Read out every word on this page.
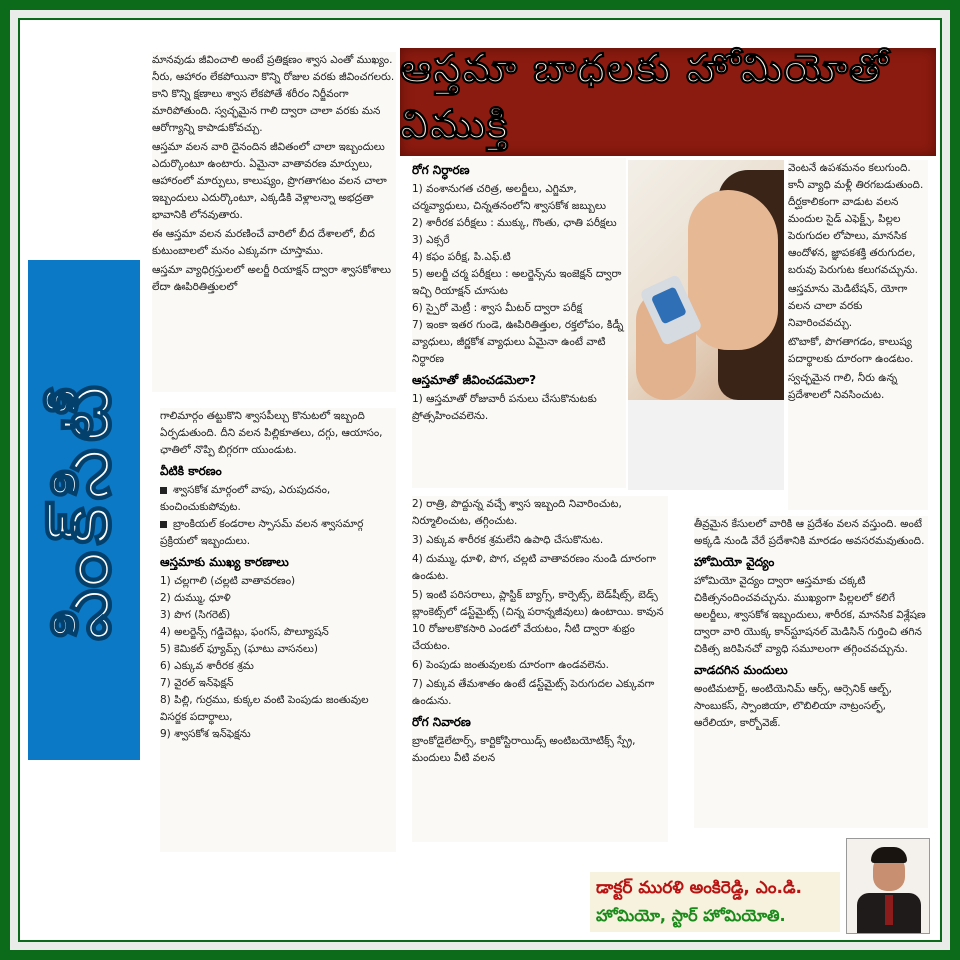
పింక్‌సిటీ
ఆస్తమా బాధలకు హోమియోతో విముక్తి

మానవుడు జీవించాలి అంటే ప్రతిక్షణం శ్వాస ఎంతో ముఖ్యం. నీరు, ఆహారం లేకపోయినా కొన్ని రోజుల వరకు జీవించగలరు. కాని కొన్ని క్షణాలు శ్వాస లేకపోతే శరీరం నిర్జీవంగా మారిపోతుంది. స్వచ్ఛమైన గాలి ద్వారా చాలా వరకు మన ఆరోగ్యాన్ని కాపాడుకోవచ్చు.

ఆస్తమా వలన వారి దైనందిన జీవితంలో చాలా ఇబ్బందులు ఎదుర్కొంటూ ఉంటారు. ఏమైనా వాతావరణ మార్పులు, ఆహారంలో మార్పులు, కాలుష్యం, ప్రొగతాగటం వలన చాలా ఇబ్బందులు ఎదుర్కొంటూ, ఎక్కడికి వెళ్లాలన్నా అభద్రతా భావానికి లోనవుతారు.

ఈ ఆస్తమా వలన మరణించే వారిలో బీద దేశాలలో, బీద కుటుంబాలలో మనం ఎక్కువగా చూస్తాము.

ఆస్తమా వ్యాధిగ్రస్తులలో అలర్జీ రియాక్షన్ ద్వారా శ్వాసకోశాలు లేదా ఊపిరితిత్తులలో

గాలిమార్గం తట్టుకొని శ్వాసపీల్చు కొనుటలో ఇబ్బంది ఏర్పడుతుంది. దీని వలన పిల్లికూతలు, దగ్గు, ఆయాసం, ఛాతిలో నొప్పి బిగ్గరగా యుండుట.

వీటికి కారణం
శ్వాసకోశ మార్గంలో వాపు, ఎరుపుదనం, కుంచించుకుపోవుట.
బ్రాంకియల్ కండరాల స్పాసమ్ వలన శ్వాసమార్గ ప్రక్రియలో ఇబ్బందులు.
ఆస్తమాకు ముఖ్య కారణాలు
1) చల్లగాలి (చల్లటి వాతావరణం)
2) దుమ్ము, ధూళి
3) పొగ (సిగరెట్)
4) అలర్జెన్స్ గడ్డిచెట్లు, ఫంగస్, పొల్యూషన్
5) కెమికల్ ఫ్యూమ్స్ (ఘాటు వాసనలు)
6) ఎక్కువ శారీరక శ్రమ
7) వైరల్ ఇన్‌ఫెక్షన్
8) పిల్లి, గుర్రము, కుక్కల వంటి పెంపుడు జంతువుల విసర్జక పదార్థాలు,
9) శ్వాసకోశ ఇన్‌ఫెక్షను
రోగ నిర్ధారణ
1) వంశానుగత చరిత్ర, అలర్జీలు, ఎగ్జిమా, చర్మవ్యాధులు, చిన్నతనంలోని శ్వాసకోశ జబ్బులు
2) శారీరక పరీక్షలు : ముక్కు, గొంతు, ఛాతి పరీక్షలు
3) ఎక్సరే
4) కఫం పరీక్ష, పి.ఎఫ్.టి
5) అలర్జీ చర్మ పరీక్షలు : అలర్జెన్స్‌ను ఇంజెక్షన్ ద్వారా ఇచ్చి రియాక్షన్ చూసుట
6) స్పైరో మెట్రీ : శ్వాస మీటర్ ద్వారా పరీక్ష
7) ఇంకా ఇతర గుండె, ఊపిరితిత్తుల, రక్తలోపం, కిడ్నీ వ్యాధులు, జీర్ణకోశ వ్యాధులు ఏమైనా ఉంటే వాటి నిర్ధారణ
ఆస్తమాతో జీవించడమెలా?

1) ఆస్తమాతో రోజువారీ పనులు చేసుకొనుటకు ప్రోత్సహించవలెను.

2) రాత్రి, పొద్దున్న వచ్చే శ్వాస ఇబ్బంది నివారించుట, నిర్మూలించుట, తగ్గించుట.

3) ఎక్కువ శారీరక శ్రమలేని ఉపాధి చేసుకొనుట.

4) దుమ్ము, ధూళి, పొగ, చల్లటి వాతావరణం నుండి దూరంగా ఉండుట.

5) ఇంటి పరిసరాలు, ప్లాస్టిక్ బ్యాగ్స్, కార్పెట్స్, బెడ్‌షీట్స్, బెడ్స్ బ్లాంకెట్స్‌లో డస్ట్‌మైట్స్ (చిన్న పరాన్నజీవులు) ఉంటాయి. కావున 10 రోజులకొకసారి ఎండలో వేయటం, నీటి ద్వారా శుభ్రం చేయటం.

6) పెంపుడు జంతువులకు దూరంగా ఉండవలెను.

7) ఎక్కువ తేమశాతం ఉంటే డస్ట్‌మైట్స్ పెరుగుదల ఎక్కువగా ఉండును.

రోగ నివారణ

బ్రాంకోడైలేటార్స్, కార్టికోస్టిరాయిడ్స్ అంటిబయోటిక్స్ స్ప్రే, మందులు వీటి వలన

వెంటనే ఉపశమనం కలుగుంది. కానీ వ్యాధి మళ్లీ తిరగబడుతుంది. దీర్ఘకాలికంగా వాడుట వలన మందుల సైడ్ ఎఫెక్ట్స్, పిల్లల పెరుగుదల లోపాలు, మానసిక ఆందోళన, జ్ఞాపకశక్తి తరుగుదల, బరువు పెరుగుట కలుగవచ్చును.

ఆస్తమాను మెడిటేషన్, యోగా వలన చాలా వరకు నివారించవచ్చు.

టొబాకో, పొగతాగడం, కాలుష్య పదార్థాలకు దూరంగా ఉండటం.

స్వచ్ఛమైన గాలి, నీరు ఉన్న ప్రదేశాలలో నివసించుట.

తీవ్రమైన కేసులలో వారికి ఆ ప్రదేశం వలన వస్తుంది. అంటే అక్కడి నుండి వేరే ప్రదేశానికి మారడం అవసరమవుతుంది.

హోమియో వైద్యం

హోమియో వైద్యం ద్వారా ఆస్తమాకు చక్కటి చికిత్సనందించవచ్చును. ముఖ్యంగా పిల్లలలో కలిగే అలర్జీలు, శ్వాసకోశ ఇబ్బందులు, శారీరక, మానసిక విశ్లేషణ ద్వారా వారి యొక్క కాన్‌స్టూషనల్ మెడిసిన్ గుర్తించి తగిన చికిత్స జరిపినచో వ్యాధి సమూలంగా తగ్గించవచ్చును.

వాడదగిన మందులు

అంటిమటార్ట్, అంటియెనిమ్ ఆర్స్, ఆర్సెనిక్ ఆల్బ్, సాంబుకస్, స్పాంజియా, లొబిలియా నాట్రంసల్ఫ్, ఆరేలియా, కార్బోవెజ్.

డాక్టర్ మురళి అంకిరెడ్డి, ఎం.డి.
హోమియో, స్టార్ హోమియోతి.
